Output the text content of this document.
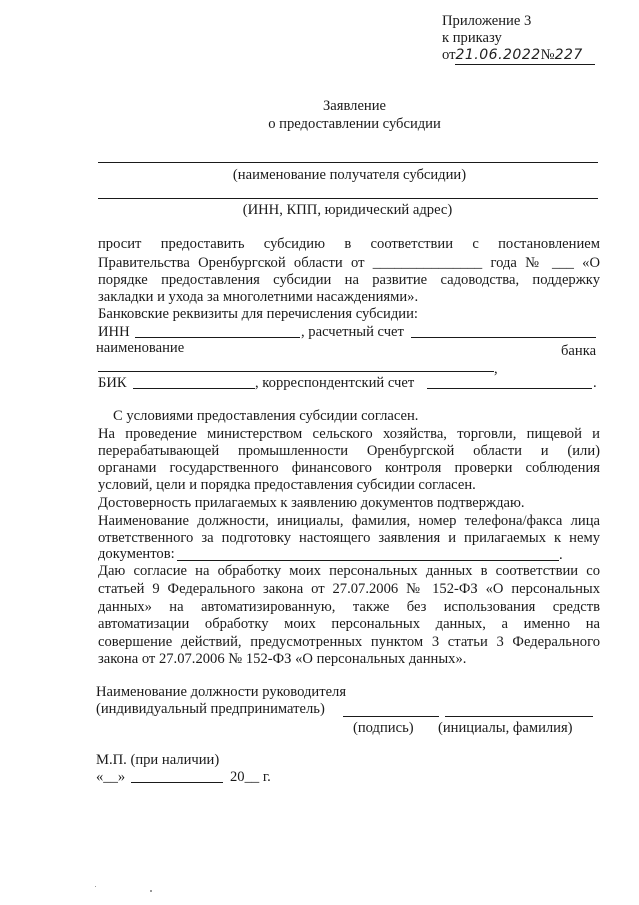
Приложение 3
к приказу
от21.06.2022№227
Заявление
о предоставлении субсидии
(наименование получателя субсидии)
(ИНН, КПП, юридический адрес)
просит предоставить субсидию в соответствии с постановлением
Правительства Оренбургской области от _______________ года № ___ «О
порядке предоставления субсидии на развитие садоводства, поддержку
закладки и ухода за многолетними насаждениями».
Банковские реквизиты для перечисления субсидии:
ИНН	, расчетный счет
наименование	банка
,
БИК	, корреспондентский счет	.
С условиями предоставления субсидии согласен.
На проведение министерством сельского хозяйства, торговли, пищевой и
перерабатывающей промышленности Оренбургской области и (или)
органами государственного финансового контроля проверки соблюдения
условий, цели и порядка предоставления субсидии согласен.
Достоверность прилагаемых к заявлению документов подтверждаю.
Наименование должности, инициалы, фамилия, номер телефона/факса лица
ответственного за подготовку настоящего заявления и прилагаемых к нему
документов:	.
Даю согласие на обработку моих персональных данных в соответствии со
статьей 9 Федерального закона от 27.07.2006 № 152-ФЗ «О персональных
данных» на автоматизированную, также без использования средств
автоматизации обработку моих персональных данных, а именно на
совершение действий, предусмотренных пунктом 3 статьи 3 Федерального
закона от 27.07.2006 № 152-ФЗ «О персональных данных».
Наименование должности руководителя
(индивидуальный предприниматель)
(подпись) (инициалы, фамилия)
М.П. (при наличии)
«__»	20__ г.
